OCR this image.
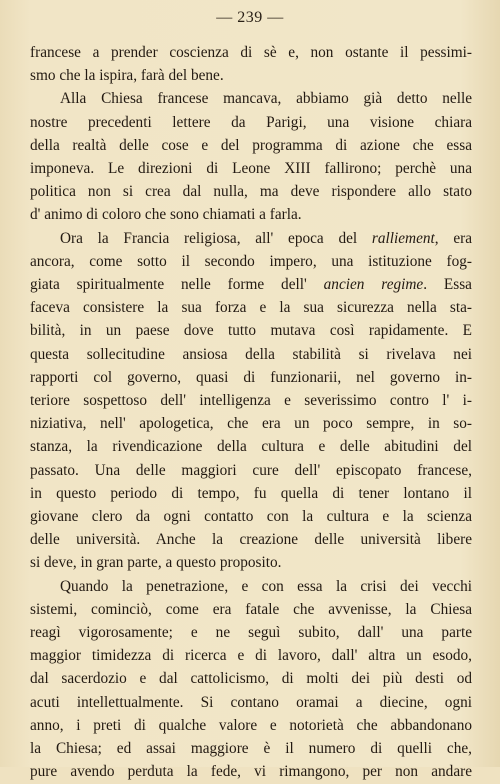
— 239 —

francese a prender coscienza di sè e, non ostante il pessimi-
smo che la ispira, farà del bene.

Alla Chiesa francese mancava, abbiamo già detto nelle
nostre precedenti lettere da Parigi, una visione chiara
della realtà delle cose e del programma di azione che essa
imponeva. Le direzioni di Leone XIII fallirono; perchè una
politica non si crea dal nulla, ma deve rispondere allo stato
d' animo di coloro che sono chiamati a farla.

Ora la Francia religiosa, all' epoca del ralliement, era
ancora, come sotto il secondo impero, una istituzione fog-
giata spiritualmente nelle forme dell' ancien regime. Essa
faceva consistere la sua forza e la sua sicurezza nella sta-
bilità, in un paese dove tutto mutava così rapidamente. E
questa sollecitudine ansiosa della stabilità si rivelava nei
rapporti col governo, quasi di funzionarii, nel governo in-
teriore sospettoso dell' intelligenza e severissimo contro l' i-
niziativa, nell' apologetica, che era un poco sempre, in so-
stanza, la rivendicazione della cultura e delle abitudini del
passato. Una delle maggiori cure dell' episcopato francese,
in questo periodo di tempo, fu quella di tener lontano il
giovane clero da ogni contatto con la cultura e la scienza
delle università. Anche la creazione delle università libere
si deve, in gran parte, a questo proposito.

Quando la penetrazione, e con essa la crisi dei vecchi
sistemi, cominciò, come era fatale che avvenisse, la Chiesa
reagì vigorosamente; e ne seguì subito, dall' una parte
maggior timidezza di ricerca e di lavoro, dall' altra un esodo,
dal sacerdozio e dal cattolicismo, di molti dei più desti od
acuti intellettualmente. Si contano oramai a diecine, ogni
anno, i preti di qualche valore e notorietà che abbandonano
la Chiesa; ed assai maggiore è il numero di quelli che,
pure avendo perduta la fede, vi rimangono, per non andare
